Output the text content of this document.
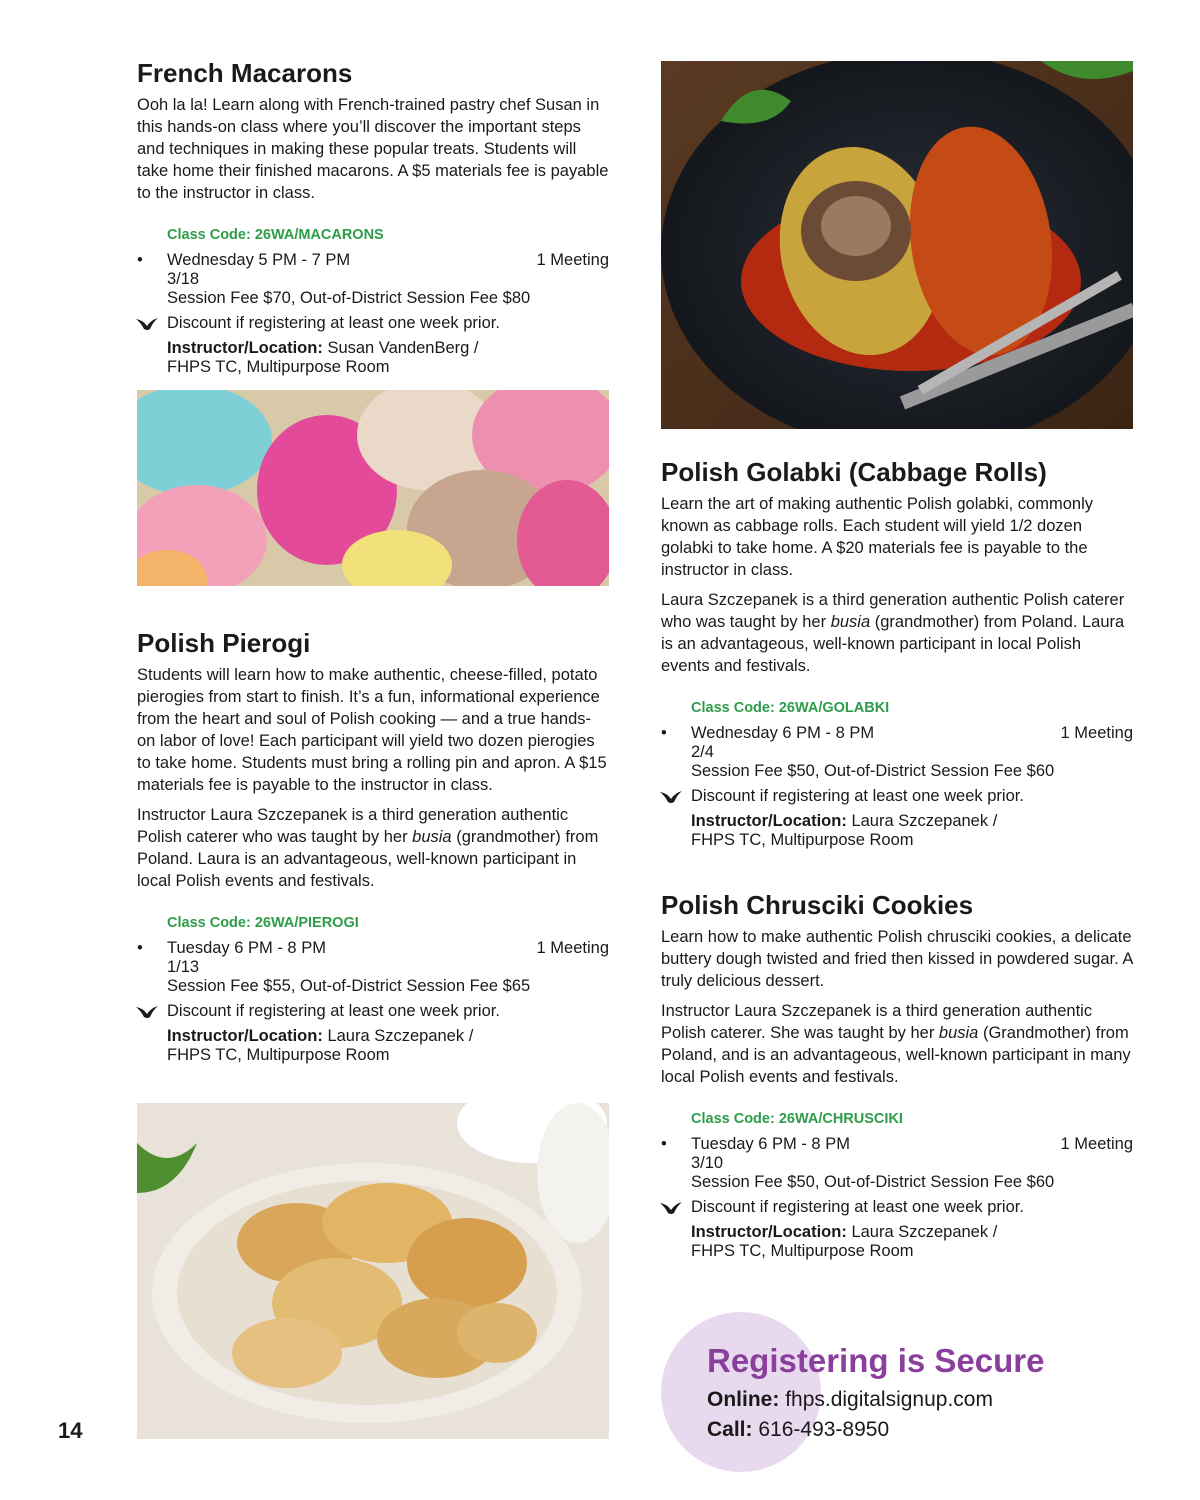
French Macarons

Ooh la la! Learn along with French-trained pastry chef Susan in this hands-on class where you’ll discover the important steps and techniques in making these popular treats. Students will take home their finished macarons. A $5 materials fee is payable to the instructor in class.

Class Code: 26WA/MACARONS
• Wednesday 5 PM - 7 PM	1 Meeting
3/18
Session Fee $70, Out-of-District Session Fee $80
Discount if registering at least one week prior.
Instructor/Location: Susan VandenBerg /
FHPS TC, Multipurpose Room
Polish Pierogi

Students will learn how to make authentic, cheese-filled, potato pierogies from start to finish. It’s a fun, informational experience from the heart and soul of Polish cooking — and a true hands-on labor of love! Each participant will yield two dozen pierogies to take home. Students must bring a rolling pin and apron. A $15 materials fee is payable to the instructor in class.

Instructor Laura Szczepanek is a third generation authentic Polish caterer who was taught by her busia (grandmother) from Poland. Laura is an advantageous, well-known participant in local Polish events and festivals.

Class Code: 26WA/PIEROGI
• Tuesday 6 PM - 8 PM	1 Meeting
1/13
Session Fee $55, Out-of-District Session Fee $65
Discount if registering at least one week prior.
Instructor/Location: Laura Szczepanek /
FHPS TC, Multipurpose Room
Polish Golabki (Cabbage Rolls)

Learn the art of making authentic Polish golabki, commonly known as cabbage rolls. Each student will yield 1/2 dozen golabki to take home. A $20 materials fee is payable to the instructor in class.

Laura Szczepanek is a third generation authentic Polish caterer who was taught by her busia (grandmother) from Poland. Laura is an advantageous, well-known participant in local Polish events and festivals.

Class Code: 26WA/GOLABKI
• Wednesday 6 PM - 8 PM	1 Meeting
2/4
Session Fee $50, Out-of-District Session Fee $60
Discount if registering at least one week prior.
Instructor/Location: Laura Szczepanek /
FHPS TC, Multipurpose Room
Polish Chrusciki Cookies

Learn how to make authentic Polish chrusciki cookies, a delicate buttery dough twisted and fried then kissed in powdered sugar. A truly delicious dessert.

Instructor Laura Szczepanek is a third generation authentic Polish caterer. She was taught by her busia (Grandmother) from Poland, and is an advantageous, well-known participant in many local Polish events and festivals.

Class Code: 26WA/CHRUSCIKI
• Tuesday 6 PM - 8 PM	1 Meeting
3/10
Session Fee $50, Out-of-District Session Fee $60
Discount if registering at least one week prior.
Instructor/Location: Laura Szczepanek /
FHPS TC, Multipurpose Room
Registering is Secure
Online: fhps.digitalsignup.com
Call: 616-493-8950
14
